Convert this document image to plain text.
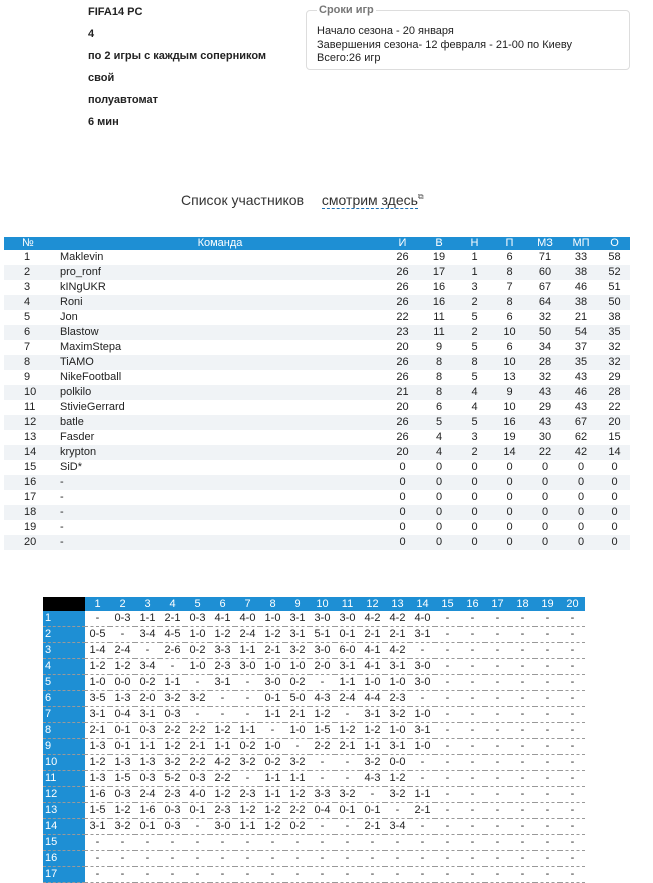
FIFA14 PC
4
по 2 игры с каждым соперником
свой
полуавтомат
6 мин
Сроки игр
Начало сезона - 20 января
Завершения сезона- 12 февраля - 21-00 по Киеву
Всего:26 игр
Список участников смотрим здесь⧉
№	Команда	И	В	Н	П	МЗ	МП	О
1	Maklevin	26	19	1	6	71	33	58
2	pro_ronf	26	17	1	8	60	38	52
3	kINgUKR	26	16	3	7	67	46	51
4	Roni	26	16	2	8	64	38	50
5	Jon	22	11	5	6	32	21	38
6	Blastow	23	11	2	10	50	54	35
7	MaximStepa	20	9	5	6	34	37	32
8	TiAMO	26	8	8	10	28	35	32
9	NikeFootball	26	8	5	13	32	43	29
10	polkilo	21	8	4	9	43	46	28
11	StivieGerrard	20	6	4	10	29	43	22
12	batle	26	5	5	16	43	67	20
13	Fasder	26	4	3	19	30	62	15
14	krypton	20	4	2	14	22	42	14
15	SiD*	0	0	0	0	0	0	0
16	-	0	0	0	0	0	0	0
17	-	0	0	0	0	0	0	0
18	-	0	0	0	0	0	0	0
19	-	0	0	0	0	0	0	0
20	-	0	0	0	0	0	0	0
	1	2	3	4	5	6	7	8	9	10	11	12	13	14	15	16	17	18	19	20
1	-	0-3	1-1	2-1	0-3	4-1	4-0	1-0	3-1	3-0	3-0	4-2	4-2	4-0	-	-	-	-	-	-
2	0-5	-	3-4	4-5	1-0	1-2	2-4	1-2	3-1	5-1	0-1	2-1	2-1	3-1	-	-	-	-	-	-
3	1-4	2-4	-	2-6	0-2	3-3	1-1	2-1	3-2	3-0	6-0	4-1	4-2	-	-	-	-	-	-	-
4	1-2	1-2	3-4	-	1-0	2-3	3-0	1-0	1-0	2-0	3-1	4-1	3-1	3-0	-	-	-	-	-	-
5	1-0	0-0	0-2	1-1	-	3-1	-	3-0	0-2	-	1-1	1-0	1-0	3-0	-	-	-	-	-	-
6	3-5	1-3	2-0	3-2	3-2	-	-	0-1	5-0	4-3	2-4	4-4	2-3	-	-	-	-	-	-	-
7	3-1	0-4	3-1	0-3	-	-	-	1-1	2-1	1-2	-	3-1	3-2	1-0	-	-	-	-	-	-
8	2-1	0-1	0-3	2-2	2-2	1-2	1-1	-	1-0	1-5	1-2	1-2	1-0	3-1	-	-	-	-	-	-
9	1-3	0-1	1-1	1-2	2-1	1-1	0-2	1-0	-	2-2	2-1	1-1	3-1	1-0	-	-	-	-	-	-
10	1-2	1-3	1-3	3-2	2-2	4-2	3-2	0-2	3-2	-	-	3-2	0-0	-	-	-	-	-	-	-
11	1-3	1-5	0-3	5-2	0-3	2-2	-	1-1	1-1	-	-	4-3	1-2	-	-	-	-	-	-	-
12	1-6	0-3	2-4	2-3	4-0	1-2	2-3	1-1	1-2	3-3	3-2	-	3-2	1-1	-	-	-	-	-	-
13	1-5	1-2	1-6	0-3	0-1	2-3	1-2	1-2	2-2	0-4	0-1	0-1	-	2-1	-	-	-	-	-	-
14	3-1	3-2	0-1	0-3	-	3-0	1-1	1-2	0-2	-	-	2-1	3-4	-	-	-	-	-	-	-
15	-	-	-	-	-	-	-	-	-	-	-	-	-	-	-	-	-	-	-	-
16	-	-	-	-	-	-	-	-	-	-	-	-	-	-	-	-	-	-	-	-
17	-	-	-	-	-	-	-	-	-	-	-	-	-	-	-	-	-	-	-	-
